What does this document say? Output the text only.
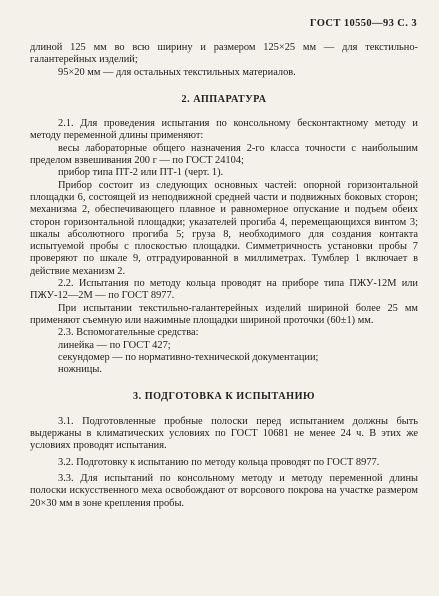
ГОСТ 10550—93 С. 3

длиной 125 мм во всю ширину и размером 125×25 мм — для текстильно-галантерейных изделий;

95×20 мм — для остальных текстильных материалов.

2. АППАРАТУРА

2.1. Для проведения испытания по консольному бесконтактному методу и методу переменной длины применяют:

весы лабораторные общего назначения 2-го класса точности с наибольшим пределом взвешивания 200 г — по ГОСТ 24104;

прибор типа ПТ-2 или ПТ-1 (черт. 1).

Прибор состоит из следующих основных частей: опорной горизонтальной площадки 6, состоящей из неподвижной средней части и подвижных боковых сторон; механизма 2, обеспечивающего плавное и равномерное опускание и подъем обеих сторон горизонтальной площадки; указателей прогиба 4, перемещающихся винтом 3; шкалы абсолютного прогиба 5; груза 8, необходимого для создания контакта испытуемой пробы с плоскостью площадки. Симметричность установки пробы 7 проверяют по шкале 9, отградуированной в миллиметрах. Тумблер 1 включает в действие механизм 2.

2.2. Испытания по методу кольца проводят на приборе типа ПЖУ-12М или ПЖУ-12—2М — по ГОСТ 8977.

При испытании текстильно-галантерейных изделий шириной более 25 мм применяют съемную или нажимные площадки шириной проточки (60±1) мм.

2.3. Вспомогательные средства:

линейка — по ГОСТ 427;

секундомер — по нормативно-технической документации;

ножницы.

3. ПОДГОТОВКА К ИСПЫТАНИЮ

3.1. Подготовленные пробные полоски перед испытанием должны быть выдержаны в климатических условиях по ГОСТ 10681 не менее 24 ч. В этих же условиях проводят испытания.

3.2. Подготовку к испытанию по методу кольца проводят по ГОСТ 8977.

3.3. Для испытаний по консольному методу и методу переменной длины полоски искусственного меха освобождают от ворсового покрова на участке размером 20×30 мм в зоне крепления пробы.
